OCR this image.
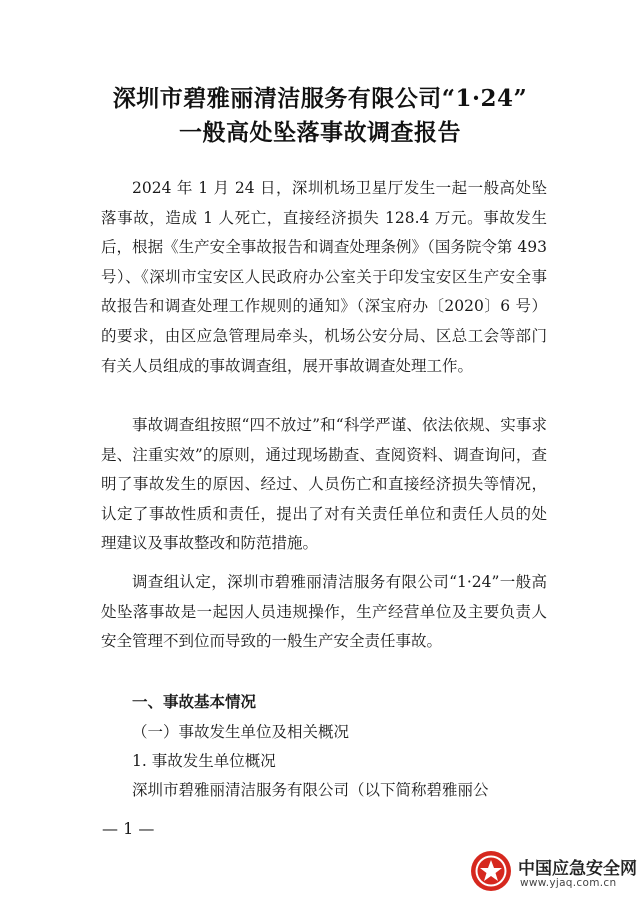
深圳市碧雅丽清洁服务有限公司“1·24”
一般高处坠落事故调查报告

2024 年 1 月 24 日，深圳机场卫星厅发生一起一般高处坠落事故，造成 1 人死亡，直接经济损失 128.4 万元。事故发生后，根据《生产安全事故报告和调查处理条例》（国务院令第 493 号）、《深圳市宝安区人民政府办公室关于印发宝安区生产安全事故报告和调查处理工作规则的通知》（深宝府办〔2020〕6 号）的要求，由区应急管理局牵头，机场公安分局、区总工会等部门有关人员组成的事故调查组，展开事故调查处理工作。

事故调查组按照“四不放过”和“科学严谨、依法依规、实事求是、注重实效”的原则，通过现场勘查、查阅资料、调查询问，查明了事故发生的原因、经过、人员伤亡和直接经济损失等情况，认定了事故性质和责任，提出了对有关责任单位和责任人员的处理建议及事故整改和防范措施。

调查组认定，深圳市碧雅丽清洁服务有限公司“1·24”一般高处坠落事故是一起因人员违规操作，生产经营单位及主要负责人安全管理不到位而导致的一般生产安全责任事故。

一、事故基本情况
（一）事故发生单位及相关概况
1. 事故发生单位概况
深圳市碧雅丽清洁服务有限公司（以下简称碧雅丽公
— 1 —
中国应急安全网
www.yjaq.com.cn
